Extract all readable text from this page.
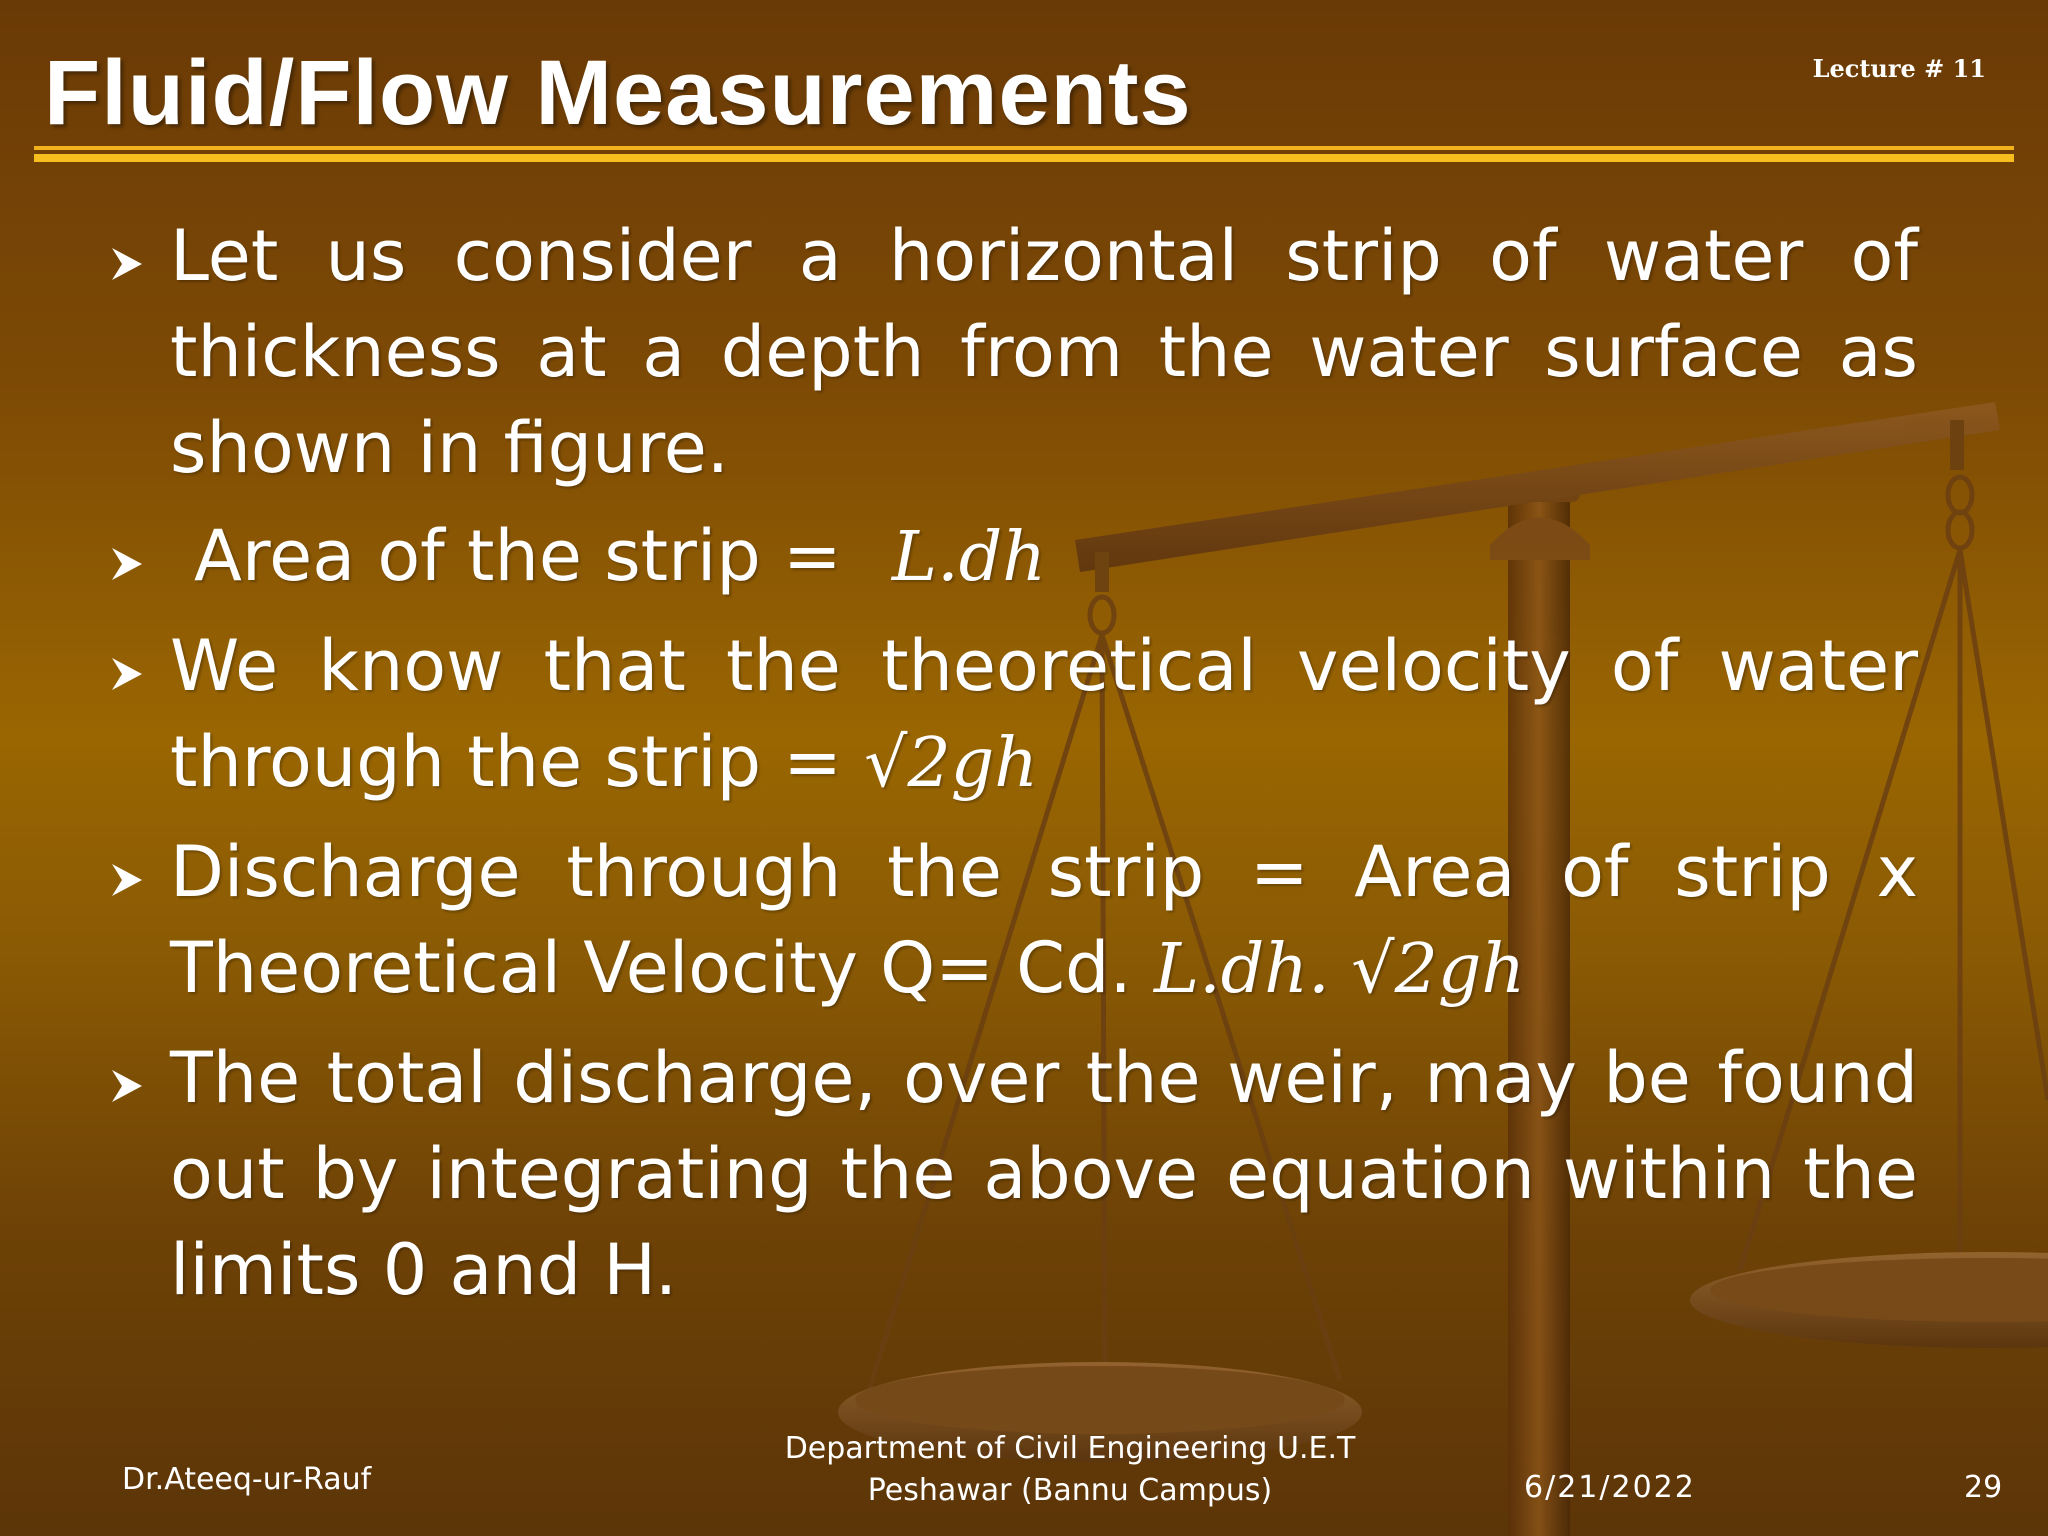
Fluid/Flow Measurements	Lecture # 11
Let us consider a horizontal strip of water of thickness at a depth from the water surface as shown in figure.
Area of the strip = L.dh
We know that the theoretical velocity of water through the strip = √2gh
Discharge through the strip = Area of strip x Theoretical Velocity Q= Cd. L.dh. √2gh
The total discharge, over the weir, may be found out by integrating the above equation within the limits 0 and H.
Dr.Ateeq-ur-Rauf
Department of Civil Engineering U.E.T Peshawar (Bannu Campus)	6/21/2022	29
